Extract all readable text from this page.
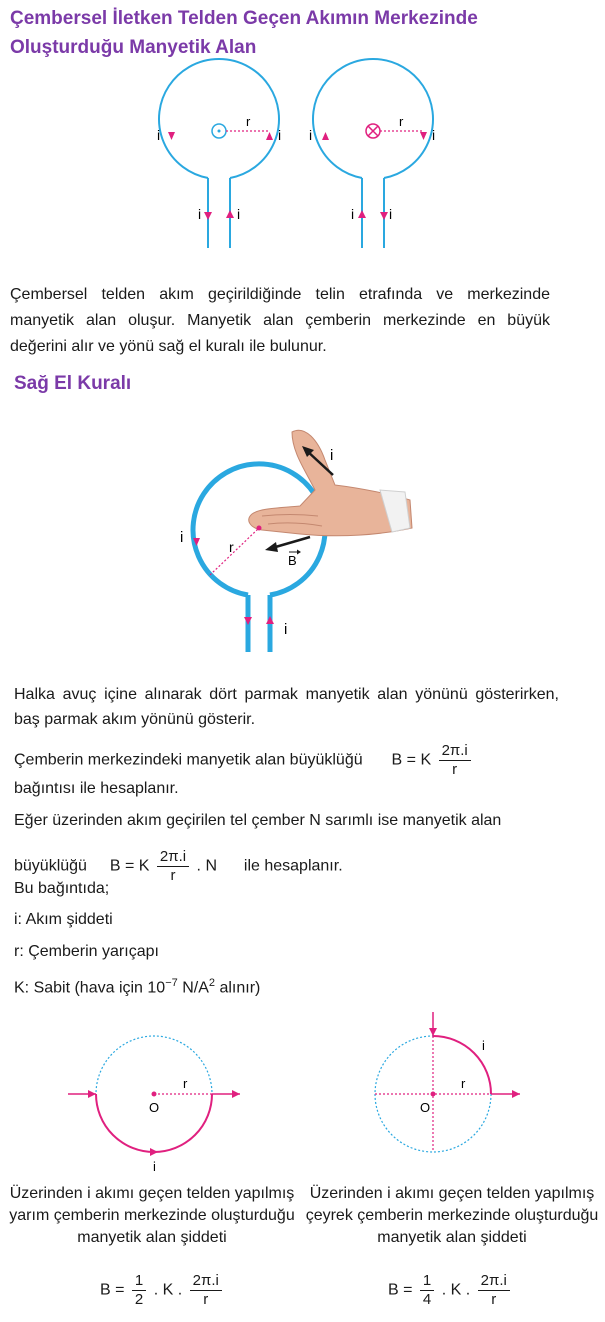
Çembersel İletken Telden Geçen Akımın Merkezinde Oluşturduğu Manyetik Alan
i	i
r
i	i
i	i
r
i i

Çembersel telden akım geçirildiğinde telin etrafında ve merkezinde manyetik alan oluşur. Manyetik alan çemberin merkezinde en büyük değerini alır ve yönü sağ el kuralı ile bulunur.

Sağ El Kuralı
i
i
r
B
i

Halka avuç içine alınarak dört parmak manyetik alan yönünü gösterirken, baş parmak akım yönünü gösterir.

Çemberin merkezindeki manyetik alan büyüklüğü B = K $\frac{2\pi.i}{r}$
bağıntısı ile hesaplanır.
Eğer üzerinden akım geçirilen tel çember N sarımlı ise manyetik alan
büyüklüğü B = K $\frac{2\pi.i}{r}$ . N ile hesaplanır.
Bu bağıntıda;
i: Akım şiddeti
r: Çemberin yarıçapı
K: Sabit (hava için $10^{-7}$ $N/A^2$ alınır)
r
O
i
i
r
O
Üzerinden i akımı geçen telden yapılmış yarım çemberin merkezinde oluşturduğu manyetik alan şiddeti
Üzerinden i akımı geçen telden yapılmış çeyrek çemberin merkezinde oluşturduğu manyetik alan şiddeti
$B = \frac{1}{2}$ . K . $\frac{2\pi.i}{r}$	$B = \frac{1}{4}$ . K . $\frac{2\pi.i}{r}$
